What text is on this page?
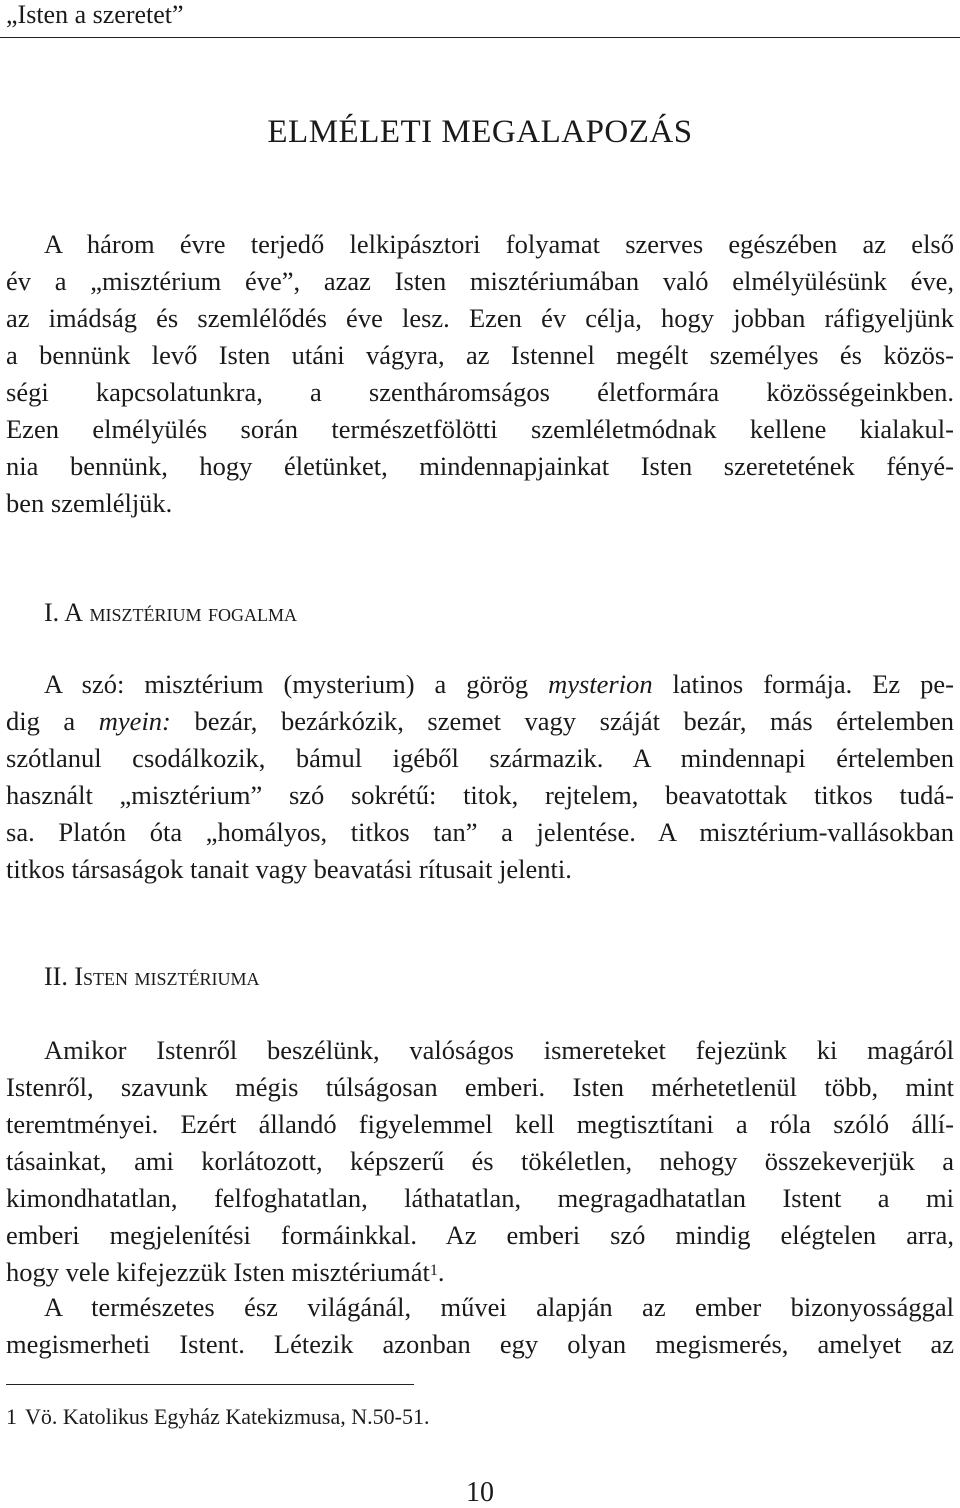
„Isten a szeretet”
ELMÉLETI MEGALAPOZÁS
A három évre terjedő lelkipásztori folyamat szerves egészében az első
év a „misztérium éve”, azaz Isten misztériumában való elmélyülésünk éve,
az imádság és szemlélődés éve lesz. Ezen év célja, hogy jobban ráfigyeljünk
a bennünk levő Isten utáni vágyra, az Istennel megélt személyes és közös-
ségi kapcsolatunkra, a szentháromságos életformára közösségeinkben.
Ezen elmélyülés során természetfölötti szemléletmódnak kellene kialakul-
nia bennünk, hogy életünket, mindennapjainkat Isten szeretetének fényé-
ben szemléljük.
I. A misztérium fogalma
A szó: misztérium (mysterium) a görög mysterion latinos formája. Ez pe-
dig a myein: bezár, bezárkózik, szemet vagy száját bezár, más értelemben
szótlanul csodálkozik, bámul igéből származik. A mindennapi értelemben
használt „misztérium” szó sokrétű: titok, rejtelem, beavatottak titkos tudá-
sa. Platón óta „homályos, titkos tan” a jelentése. A misztérium-vallásokban
titkos társaságok tanait vagy beavatási rítusait jelenti.
II. Isten misztériuma
Amikor Istenről beszélünk, valóságos ismereteket fejezünk ki magáról
Istenről, szavunk mégis túlságosan emberi. Isten mérhetetlenül több, mint
teremtményei. Ezért állandó figyelemmel kell megtisztítani a róla szóló állí-
tásainkat, ami korlátozott, képszerű és tökéletlen, nehogy összekeverjük a
kimondhatatlan, felfoghatatlan, láthatatlan, megragadhatatlan Istent a mi
emberi megjelenítési formáinkkal. Az emberi szó mindig elégtelen arra,
hogy vele kifejezzük Isten misztériumát$^1$.
A természetes ész világánál, művei alapján az ember bizonyossággal
megismerheti Istent. Létezik azonban egy olyan megismerés, amelyet az
1 Vö. Katolikus Egyház Katekizmusa, N.50-51.
10
